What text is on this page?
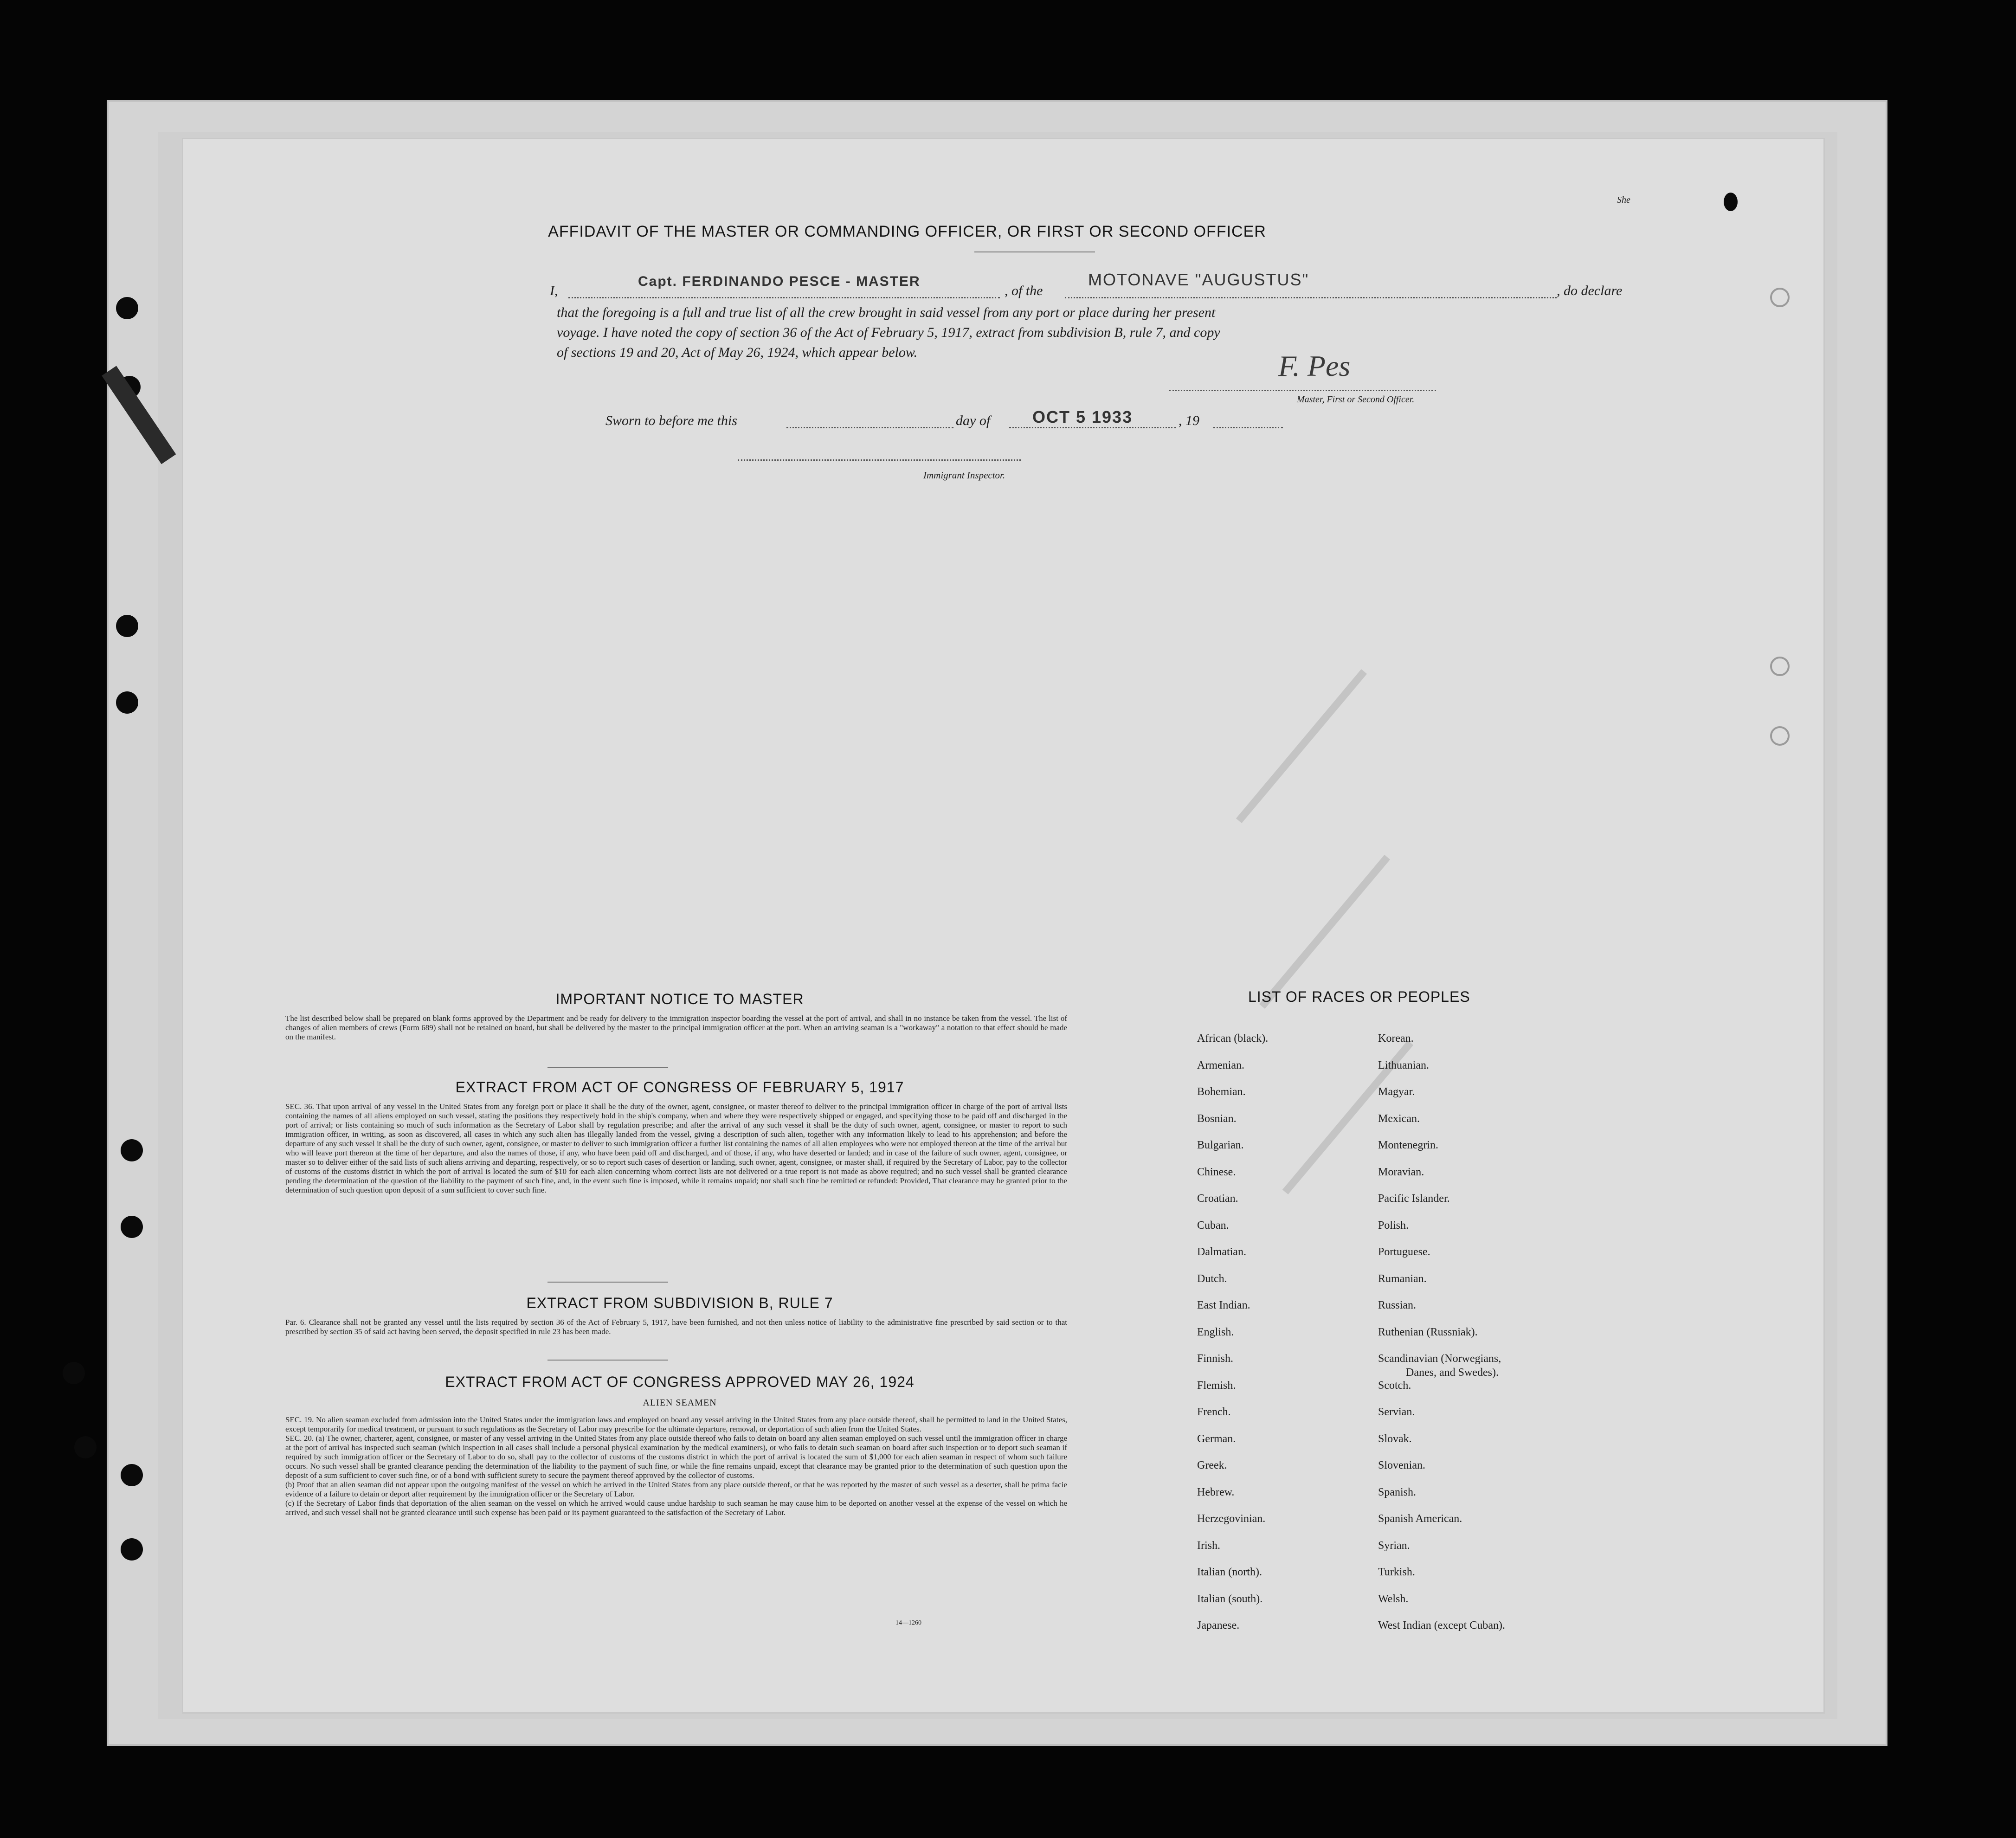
She
AFFIDAVIT OF THE MASTER OR COMMANDING OFFICER, OR FIRST OR SECOND OFFICER
I,
Capt. FERDINANDO PESCE - MASTER
, of the
MOTONAVE "AUGUSTUS"
, do declare
that the foregoing is a full and true list of all the crew brought in said vessel from any port or place during her present
voyage. I have noted the copy of section 36 of the Act of February 5, 1917, extract from subdivision B, rule 7, and copy
of sections 19 and 20, Act of May 26, 1924, which appear below.	F. Pes
Master, First or Second Officer.
Sworn to before me this	day of	OCT 5 1933	, 19
Immigrant Inspector.
IMPORTANT NOTICE TO MASTER
The list described below shall be prepared on blank forms approved by the Department and be ready for delivery to the immigration inspector boarding the vessel at the port of arrival, and shall in no instance be taken from the vessel. The list of changes of alien members of crews (Form 689) shall not be retained on board, but shall be delivered by the master to the principal immigration officer at the port. When an arriving seaman is a "workaway" a notation to that effect should be made on the manifest.
EXTRACT FROM ACT OF CONGRESS OF FEBRUARY 5, 1917
SEC. 36. That upon arrival of any vessel in the United States from any foreign port or place it shall be the duty of the owner, agent, consignee, or master thereof to deliver to the principal immigration officer in charge of the port of arrival lists containing the names of all aliens employed on such vessel, stating the positions they respectively hold in the ship's company, when and where they were respectively shipped or engaged, and specifying those to be paid off and discharged in the port of arrival; or lists containing so much of such information as the Secretary of Labor shall by regulation prescribe; and after the arrival of any such vessel it shall be the duty of such owner, agent, consignee, or master to report to such immigration officer, in writing, as soon as discovered, all cases in which any such alien has illegally landed from the vessel, giving a description of such alien, together with any information likely to lead to his apprehension; and before the departure of any such vessel it shall be the duty of such owner, agent, consignee, or master to deliver to such immigration officer a further list containing the names of all alien employees who were not employed thereon at the time of the arrival but who will leave port thereon at the time of her departure, and also the names of those, if any, who have been paid off and discharged, and of those, if any, who have deserted or landed; and in case of the failure of such owner, agent, consignee, or master so to deliver either of the said lists of such aliens arriving and departing, respectively, or so to report such cases of desertion or landing, such owner, agent, consignee, or master shall, if required by the Secretary of Labor, pay to the collector of customs of the customs district in which the port of arrival is located the sum of $10 for each alien concerning whom correct lists are not delivered or a true report is not made as above required; and no such vessel shall be granted clearance pending the determination of the question of the liability to the payment of such fine, and, in the event such fine is imposed, while it remains unpaid; nor shall such fine be remitted or refunded: Provided, That clearance may be granted prior to the determination of such question upon deposit of a sum sufficient to cover such fine.
EXTRACT FROM SUBDIVISION B, RULE 7
Par. 6. Clearance shall not be granted any vessel until the lists required by section 36 of the Act of February 5, 1917, have been furnished, and not then unless notice of liability to the administrative fine prescribed by said section or to that prescribed by section 35 of said act having been served, the deposit specified in rule 23 has been made.
EXTRACT FROM ACT OF CONGRESS APPROVED MAY 26, 1924
ALIEN SEAMEN
SEC. 19. No alien seaman excluded from admission into the United States under the immigration laws and employed on board any vessel arriving in the United States from any place outside thereof, shall be permitted to land in the United States, except temporarily for medical treatment, or pursuant to such regulations as the Secretary of Labor may prescribe for the ultimate departure, removal, or deportation of such alien from the United States.
SEC. 20. (a) The owner, charterer, agent, consignee, or master of any vessel arriving in the United States from any place outside thereof who fails to detain on board any alien seaman employed on such vessel until the immigration officer in charge at the port of arrival has inspected such seaman (which inspection in all cases shall include a personal physical examination by the medical examiners), or who fails to detain such seaman on board after such inspection or to deport such seaman if required by such immigration officer or the Secretary of Labor to do so, shall pay to the collector of customs of the customs district in which the port of arrival is located the sum of $1,000 for each alien seaman in respect of whom such failure occurs. No such vessel shall be granted clearance pending the determination of the liability to the payment of such fine, or while the fine remains unpaid, except that clearance may be granted prior to the determination of such question upon the deposit of a sum sufficient to cover such fine, or of a bond with sufficient surety to secure the payment thereof approved by the collector of customs.
(b) Proof that an alien seaman did not appear upon the outgoing manifest of the vessel on which he arrived in the United States from any place outside thereof, or that he was reported by the master of such vessel as a deserter, shall be prima facie evidence of a failure to detain or deport after requirement by the immigration officer or the Secretary of Labor.
(c) If the Secretary of Labor finds that deportation of the alien seaman on the vessel on which he arrived would cause undue hardship to such seaman he may cause him to be deported on another vessel at the expense of the vessel on which he arrived, and such vessel shall not be granted clearance until such expense has been paid or its payment guaranteed to the satisfaction of the Secretary of Labor.
14—1260
LIST OF RACES OR PEOPLES
African (black).
Armenian.
Bohemian.
Bosnian.
Bulgarian.
Chinese.
Croatian.
Cuban.
Dalmatian.
Dutch.
East Indian.
English.
Finnish.
Flemish.
French.
German.
Greek.
Hebrew.
Herzegovinian.
Irish.
Italian (north).
Italian (south).
Japanese.
Korean.
Lithuanian.
Magyar.
Mexican.
Montenegrin.
Moravian.
Pacific Islander.
Polish.
Portuguese.
Rumanian.
Russian.
Ruthenian (Russniak).
Scandinavian (Norwegians,
Danes, and Swedes).
Scotch.
Servian.
Slovak.
Slovenian.
Spanish.
Spanish American.
Syrian.
Turkish.
Welsh.
West Indian (except Cuban).
